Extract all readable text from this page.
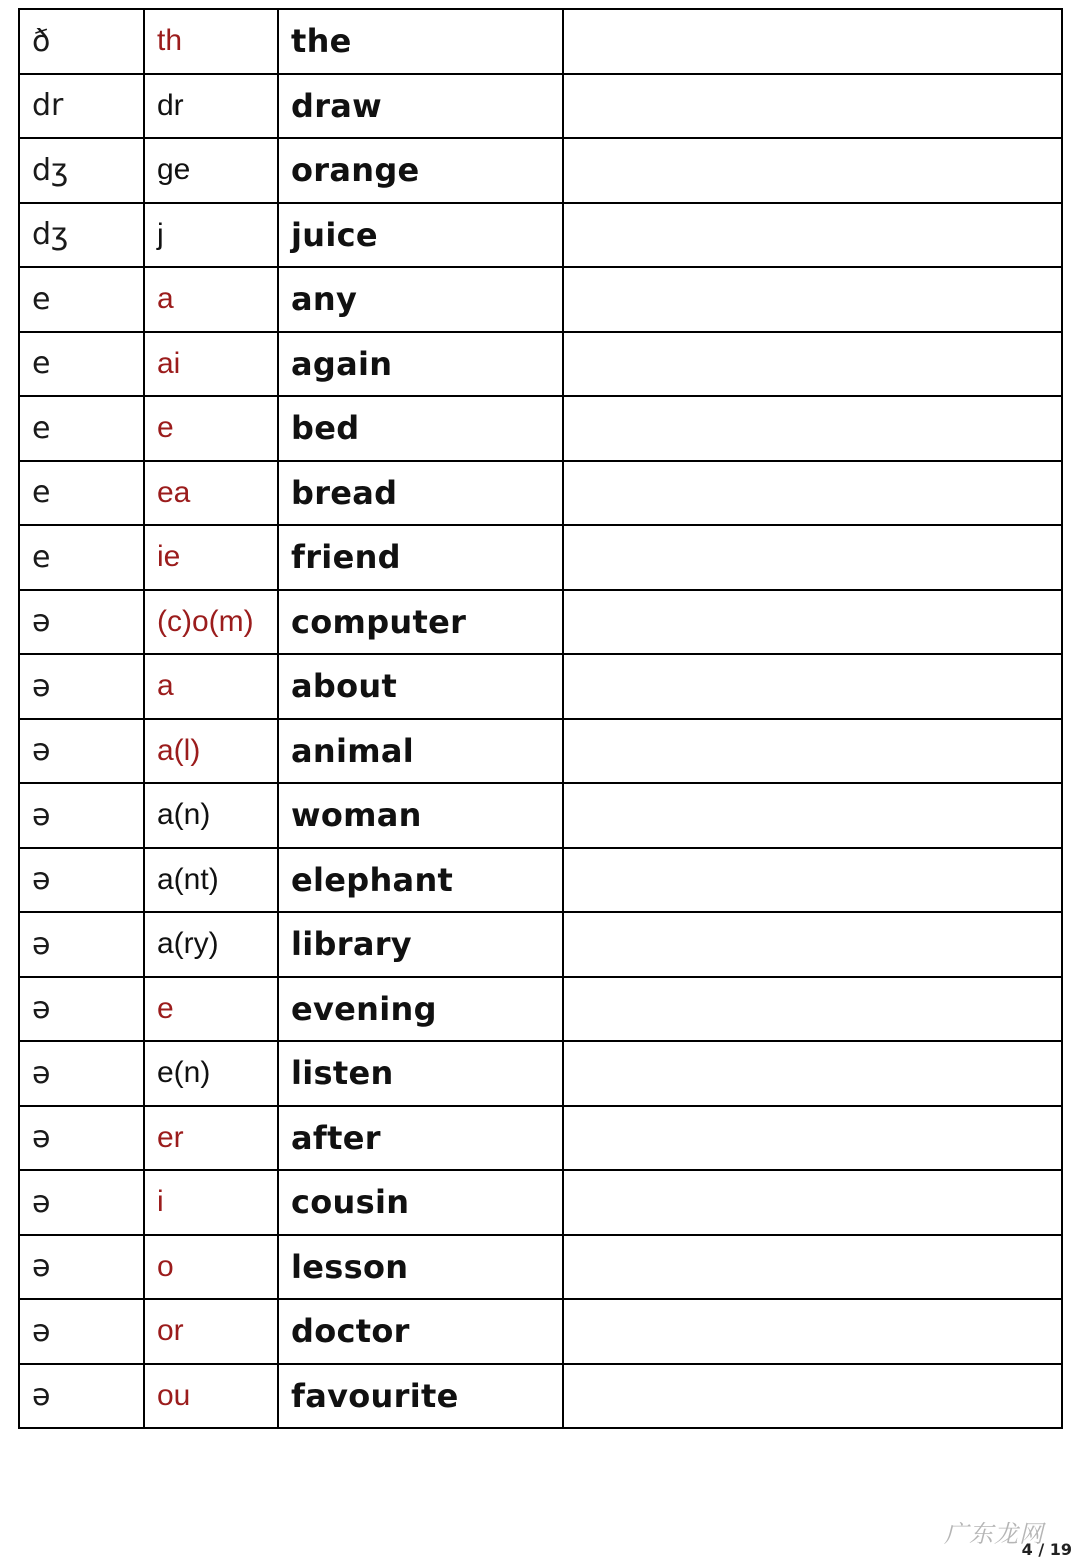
ð	th	the	
dr	dr	draw	
dʒ	ge	orange	
dʒ	j	juice	
e	a	any	
e	ai	again	
e	e	bed	
e	ea	bread	
e	ie	friend	
ə	(c)o(m)	computer	
ə	a	about	
ə	a(l)	animal	
ə	a(n)	woman	
ə	a(nt)	elephant	
ə	a(ry)	library	
ə	e	evening	
ə	e(n)	listen	
ə	er	after	
ə	i	cousin	
ə	o	lesson	
ə	or	doctor	
ə	ou	favourite	
广东龙网
4 / 19
